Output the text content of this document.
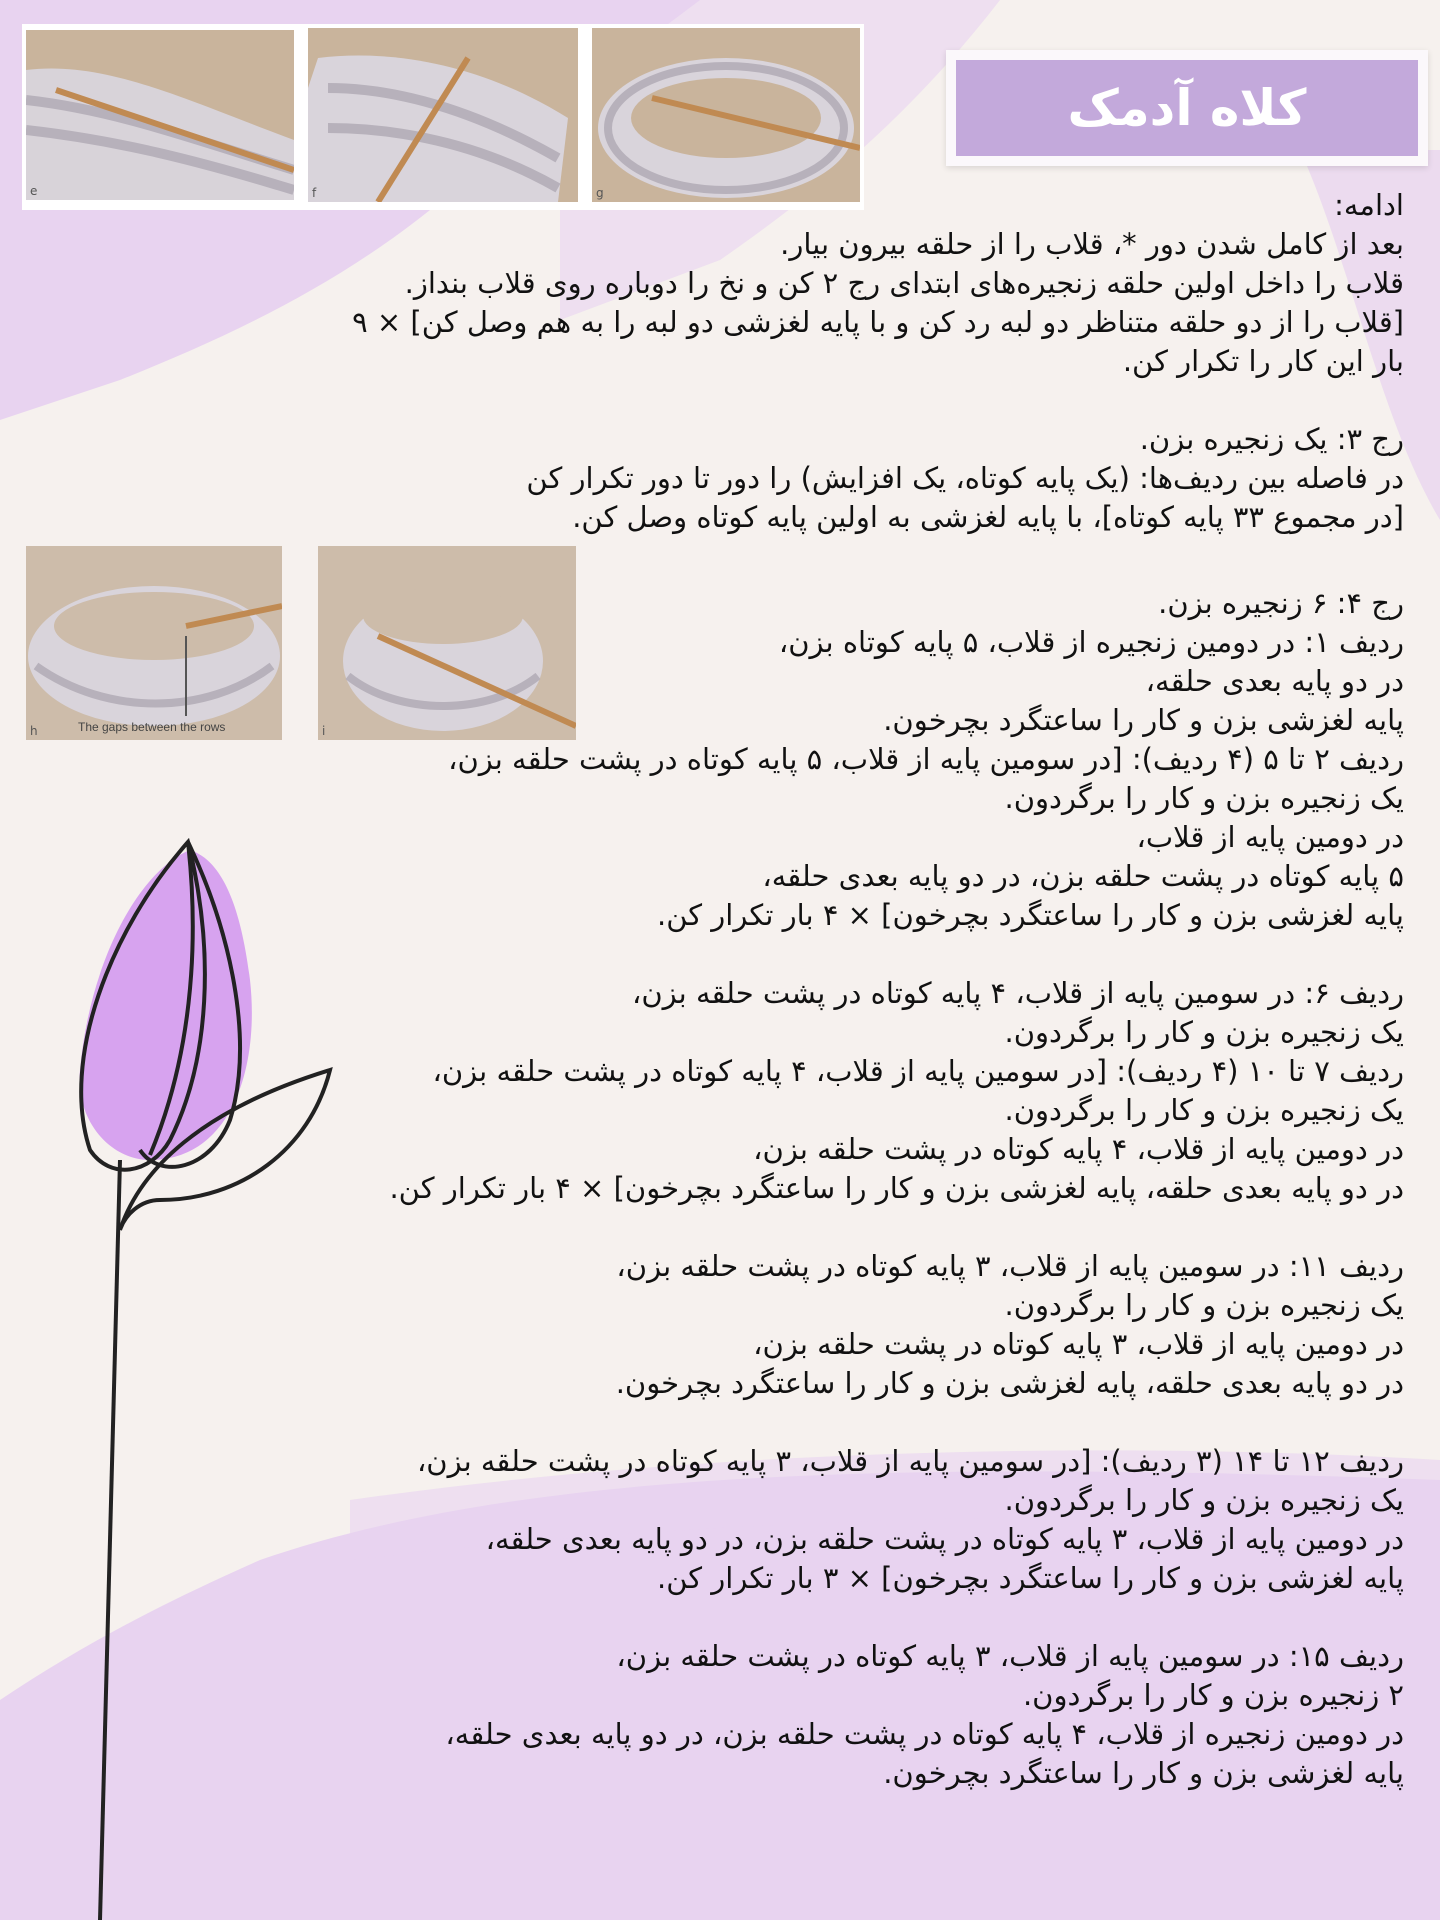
کلاه آدمک
e	f	g
h	The gaps between the rows	i
ادامه:
بعد از کامل شدن دور *، قلاب را از حلقه بیرون بیار.
قلاب را داخل اولین حلقه زنجیره‌های ابتدای رج ۲ کن و نخ را دوباره روی قلاب بنداز.
[قلاب را از دو حلقه متناظر دو لبه رد کن و با پایه لغزشی دو لبه را به هم وصل کن] × ۹
بار این کار را تکرار کن.
رج ۳: یک زنجیره بزن.
در فاصله بین ردیف‌ها: (یک پایه کوتاه، یک افزایش) را دور تا دور تکرار کن
[در مجموع ۳۳ پایه کوتاه]، با پایه لغزشی به اولین پایه کوتاه وصل کن.
رج ۴: ۶ زنجیره بزن.
ردیف ۱: در دومین زنجیره از قلاب، ۵ پایه کوتاه بزن،
در دو پایه بعدی حلقه،
پایه لغزشی بزن و کار را ساعتگرد بچرخون.
ردیف ۲ تا ۵ (۴ ردیف): [در سومین پایه از قلاب، ۵ پایه کوتاه در پشت حلقه بزن،
یک زنجیره بزن و کار را برگردون.
در دومین پایه از قلاب،
۵ پایه کوتاه در پشت حلقه بزن، در دو پایه بعدی حلقه،
پایه لغزشی بزن و کار را ساعتگرد بچرخون] × ۴ بار تکرار کن.
ردیف ۶: در سومین پایه از قلاب، ۴ پایه کوتاه در پشت حلقه بزن،
یک زنجیره بزن و کار را برگردون.
ردیف ۷ تا ۱۰ (۴ ردیف): [در سومین پایه از قلاب، ۴ پایه کوتاه در پشت حلقه بزن،
یک زنجیره بزن و کار را برگردون.
در دومین پایه از قلاب، ۴ پایه کوتاه در پشت حلقه بزن،
در دو پایه بعدی حلقه، پایه لغزشی بزن و کار را ساعتگرد بچرخون] × ۴ بار تکرار کن.
ردیف ۱۱: در سومین پایه از قلاب، ۳ پایه کوتاه در پشت حلقه بزن،
یک زنجیره بزن و کار را برگردون.
در دومین پایه از قلاب، ۳ پایه کوتاه در پشت حلقه بزن،
در دو پایه بعدی حلقه، پایه لغزشی بزن و کار را ساعتگرد بچرخون.
ردیف ۱۲ تا ۱۴ (۳ ردیف): [در سومین پایه از قلاب، ۳ پایه کوتاه در پشت حلقه بزن،
یک زنجیره بزن و کار را برگردون.
در دومین پایه از قلاب، ۳ پایه کوتاه در پشت حلقه بزن، در دو پایه بعدی حلقه،
پایه لغزشی بزن و کار را ساعتگرد بچرخون] × ۳ بار تکرار کن.
ردیف ۱۵: در سومین پایه از قلاب، ۳ پایه کوتاه در پشت حلقه بزن،
۲ زنجیره بزن و کار را برگردون.
در دومین زنجیره از قلاب، ۴ پایه کوتاه در پشت حلقه بزن، در دو پایه بعدی حلقه،
پایه لغزشی بزن و کار را ساعتگرد بچرخون.
